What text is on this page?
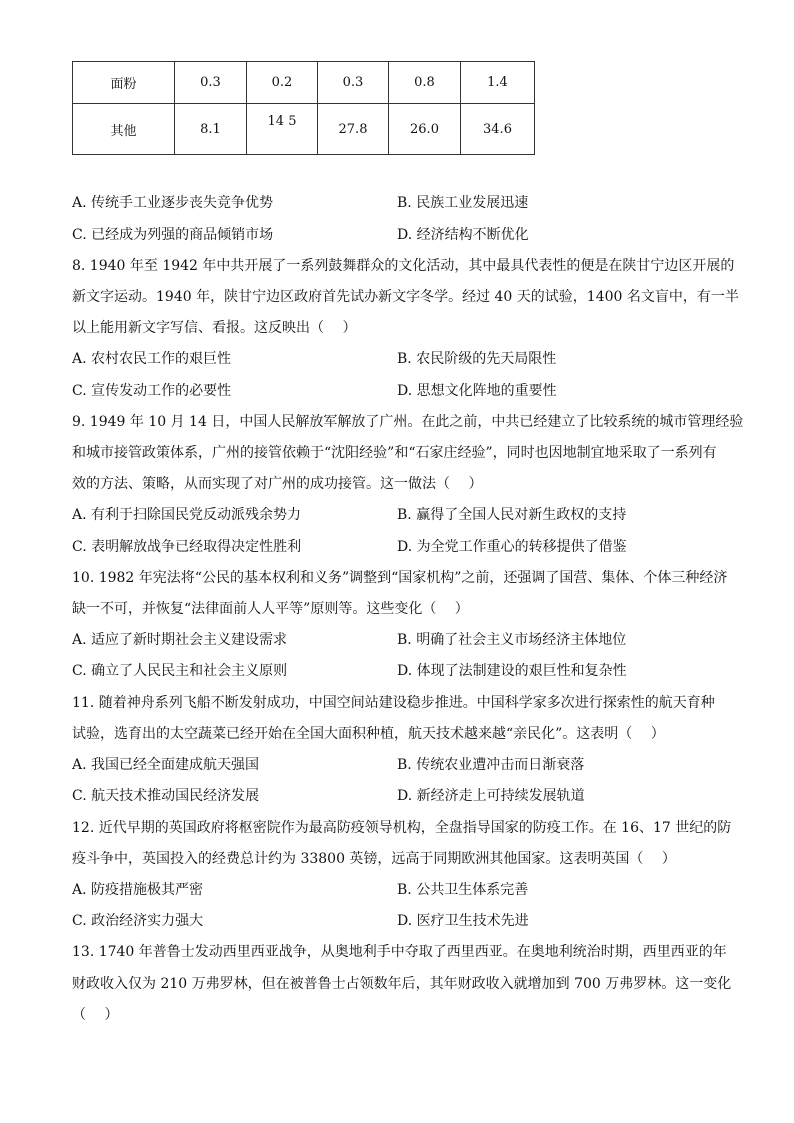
面粉	0.3	0.2	0.3	0.8	1.4
其他	8.1	14 5	27.8	26.0	34.6
A. 传统手工业逐步丧失竞争优势	B. 民族工业发展迅速
C. 已经成为列强的商品倾销市场	D. 经济结构不断优化
8. 1940 年至 1942 年中共开展了一系列鼓舞群众的文化活动，其中最具代表性的便是在陕甘宁边区开展的
新文字运动。1940 年，陕甘宁边区政府首先试办新文字冬学。经过 40 天的试验，1400 名文盲中，有一半
以上能用新文字写信、看报。这反映出（　 ）
A. 农村农民工作的艰巨性	B. 农民阶级的先天局限性
C. 宣传发动工作的必要性	D. 思想文化阵地的重要性
9. 1949 年 10 月 14 日，中国人民解放军解放了广州。在此之前，中共已经建立了比较系统的城市管理经验
和城市接管政策体系，广州的接管依赖于“沈阳经验”和“石家庄经验”，同时也因地制宜地采取了一系列有
效的方法、策略，从而实现了对广州的成功接管。这一做法（　 ）
A. 有利于扫除国民党反动派残余势力	B. 赢得了全国人民对新生政权的支持
C. 表明解放战争已经取得决定性胜利	D. 为全党工作重心的转移提供了借鉴
10. 1982 年宪法将“公民的基本权利和义务”调整到“国家机构”之前，还强调了国营、集体、个体三种经济
缺一不可，并恢复“法律面前人人平等”原则等。这些变化（　 ）
A. 适应了新时期社会主义建设需求	B. 明确了社会主义市场经济主体地位
C. 确立了人民民主和社会主义原则	D. 体现了法制建设的艰巨性和复杂性
11. 随着神舟系列飞船不断发射成功，中国空间站建设稳步推进。中国科学家多次进行探索性的航天育种
试验，选育出的太空蔬菜已经开始在全国大面积种植，航天技术越来越“亲民化”。这表明（　 ）
A. 我国已经全面建成航天强国	B. 传统农业遭冲击而日渐衰落
C. 航天技术推动国民经济发展	D. 新经济走上可持续发展轨道
12. 近代早期的英国政府将枢密院作为最高防疫领导机构，全盘指导国家的防疫工作。在 16、17 世纪的防
疫斗争中，英国投入的经费总计约为 33800 英镑，远高于同期欧洲其他国家。这表明英国（　 ）
A. 防疫措施极其严密	B. 公共卫生体系完善
C. 政治经济实力强大	D. 医疗卫生技术先进
13. 1740 年普鲁士发动西里西亚战争，从奥地利手中夺取了西里西亚。在奥地利统治时期，西里西亚的年
财政收入仅为 210 万弗罗林，但在被普鲁士占领数年后，其年财政收入就增加到 700 万弗罗林。这一变化
（　 ）
